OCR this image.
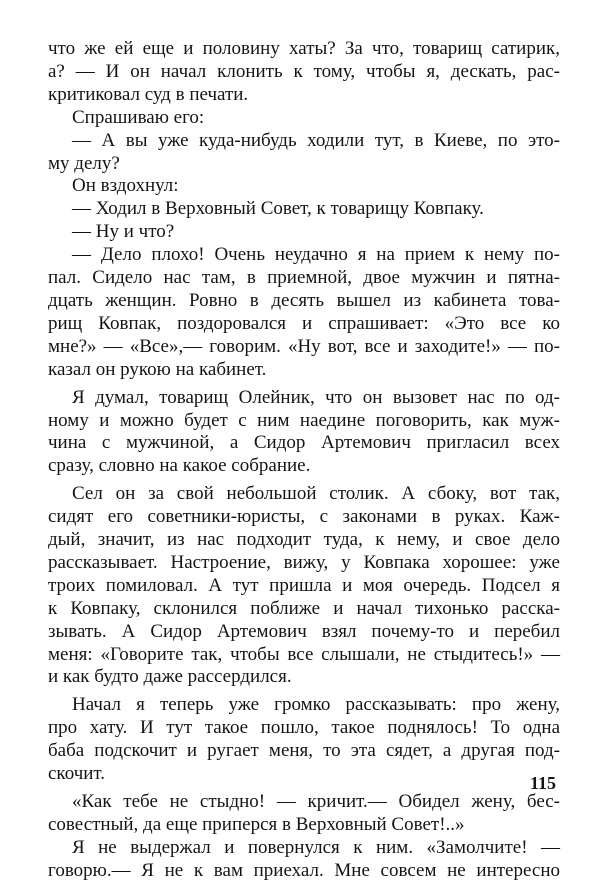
что же ей еще и половину хаты? За что, товарищ сатирик,
а? — И он начал клонить к тому, чтобы я, дескать, рас-
критиковал суд в печати.
Спрашиваю его:
— А вы уже куда-нибудь ходили тут, в Киеве, по это-
му делу?
Он вздохнул:
— Ходил в Верховный Совет, к товарищу Ковпаку.
— Ну и что?
— Дело плохо! Очень неудачно я на прием к нему по-
пал. Сидело нас там, в приемной, двое мужчин и пятна-
дцать женщин. Ровно в десять вышел из кабинета това-
рищ Ковпак, поздоровался и спрашивает: «Это все ко
мне?» — «Все»,— говорим. «Ну вот, все и заходите!» — по-
казал он рукою на кабинет.
Я думал, товарищ Олейник, что он вызовет нас по од-
ному и можно будет с ним наедине поговорить, как муж-
чина с мужчиной, а Сидор Артемович пригласил всех
сразу, словно на какое собрание.
Сел он за свой небольшой столик. А сбоку, вот так,
сидят его советники-юристы, с законами в руках. Каж-
дый, значит, из нас подходит туда, к нему, и свое дело
рассказывает. Настроение, вижу, у Ковпака хорошее: уже
троих помиловал. А тут пришла и моя очередь. Подсел я
к Ковпаку, склонился поближе и начал тихонько расска-
зывать. А Сидор Артемович взял почему-то и перебил
меня: «Говорите так, чтобы все слышали, не стыдитесь!» —
и как будто даже рассердился.
Начал я теперь уже громко рассказывать: про жену,
про хату. И тут такое пошло, такое поднялось! То одна
баба подскочит и ругает меня, то эта сядет, а другая под-
скочит.
«Как тебе не стыдно! — кричит.— Обидел жену, бес-
совестный, да еще приперся в Верховный Совет!..»
Я не выдержал и повернулся к ним. «Замолчите! —
говорю.— Я не к вам приехал. Мне совсем не интересно
115
